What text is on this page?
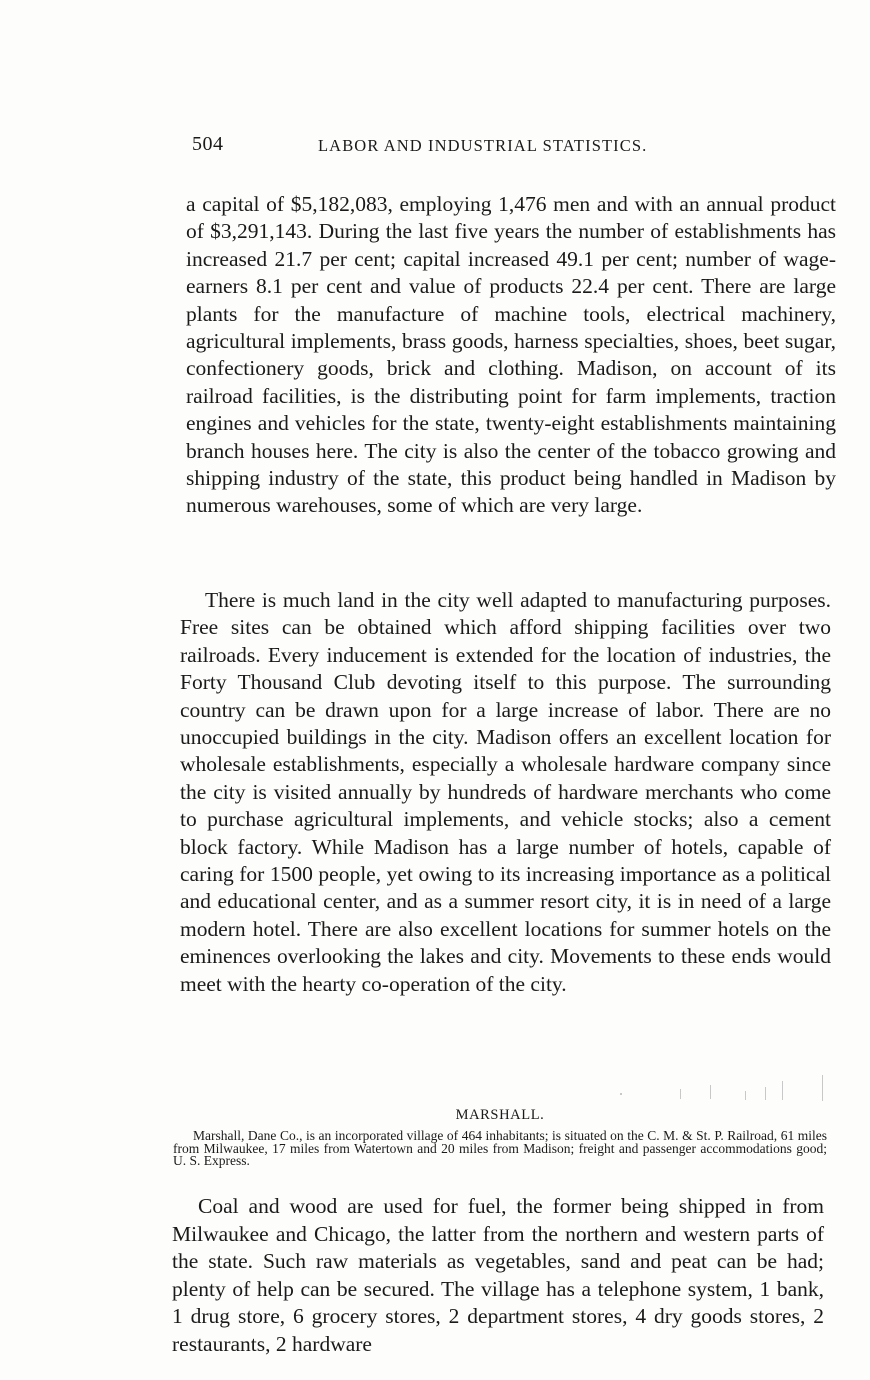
504	LABOR AND INDUSTRIAL STATISTICS.

a capital of $5,182,083, employing 1,476 men and with an annual product of $3,291,143. During the last five years the number of establishments has increased 21.7 per cent; capital increased 49.1 per cent; number of wage-earners 8.1 per cent and value of products 22.4 per cent. There are large plants for the manufacture of machine tools, electrical machinery, agricultural implements, brass goods, harness specialties, shoes, beet sugar, confectionery goods, brick and clothing. Madison, on account of its railroad facilities, is the distributing point for farm implements, traction engines and vehicles for the state, twenty-eight establishments maintaining branch houses here. The city is also the center of the tobacco growing and shipping industry of the state, this product being handled in Madison by numerous warehouses, some of which are very large.

There is much land in the city well adapted to manufacturing purposes. Free sites can be obtained which afford shipping facilities over two railroads. Every inducement is extended for the location of industries, the Forty Thousand Club devoting itself to this purpose. The surrounding country can be drawn upon for a large increase of labor. There are no unoccupied buildings in the city. Madison offers an excellent location for wholesale establishments, especially a wholesale hardware company since the city is visited annually by hundreds of hardware merchants who come to purchase agricultural implements, and vehicle stocks; also a cement block factory. While Madison has a large number of hotels, capable of caring for 1500 people, yet owing to its increasing importance as a political and educational center, and as a summer resort city, it is in need of a large modern hotel. There are also excellent locations for summer hotels on the eminences overlooking the lakes and city. Movements to these ends would meet with the hearty co-operation of the city.

MARSHALL.

Marshall, Dane Co., is an incorporated village of 464 inhabitants; is situated on the C. M. & St. P. Railroad, 61 miles from Milwaukee, 17 miles from Watertown and 20 miles from Madison; freight and passenger accommodations good; U. S. Express.

Coal and wood are used for fuel, the former being shipped in from Milwaukee and Chicago, the latter from the northern and western parts of the state. Such raw materials as vegetables, sand and peat can be had; plenty of help can be secured. The village has a telephone system, 1 bank, 1 drug store, 6 grocery stores, 2 department stores, 4 dry goods stores, 2 restaurants, 2 hardware
